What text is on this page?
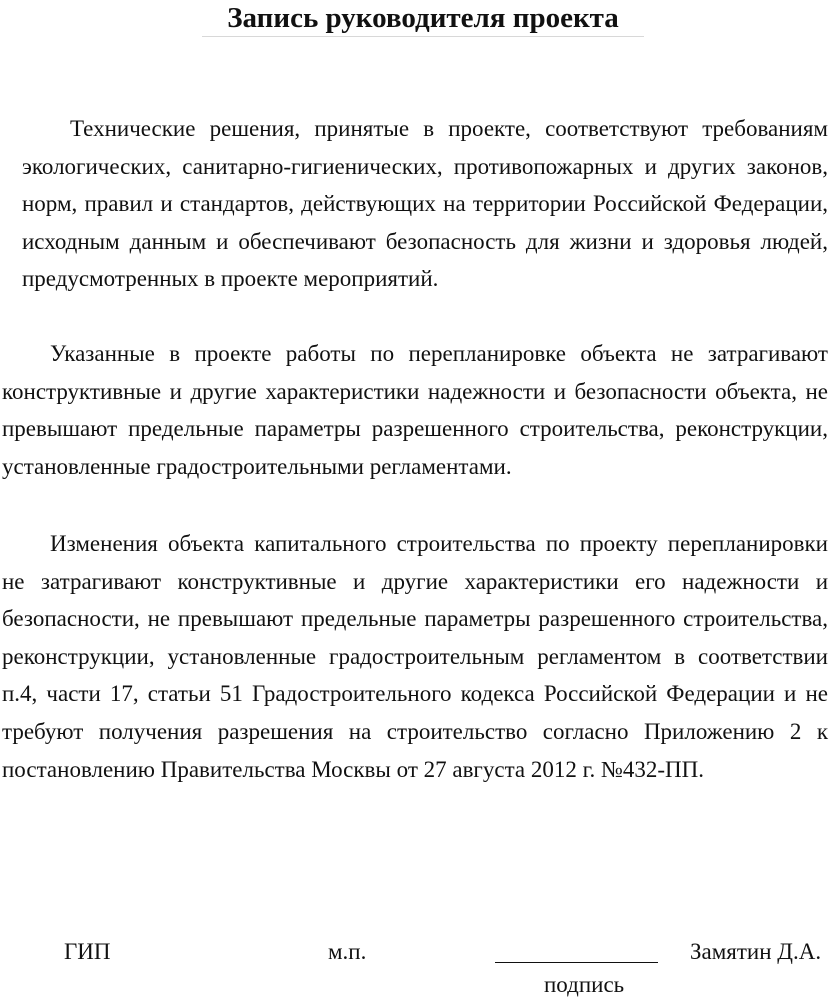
Запись руководителя проекта

Технические решения, принятые в проекте, соответствуют требованиям экологических, санитарно-гигиенических, противопожарных и других законов, норм, правил и стандартов, действующих на территории Российской Федерации, исходным данным и обеспечивают безопасность для жизни и здоровья людей, предусмотренных в проекте мероприятий.

Указанные в проекте работы по перепланировке объекта не затрагивают конструктивные и другие характеристики надежности и безопасности объекта, не превышают предельные параметры разрешенного строительства, реконструкции, установленные градостроительными регламентами.

Изменения объекта капитального строительства по проекту перепланировки не затрагивают конструктивные и другие характеристики его надежности и безопасности, не превышают предельные параметры разрешенного строительства, реконструкции, установленные градостроительным регламентом в соответствии п.4, части 17, статьи 51 Градостроительного кодекса Российской Федерации и не требуют получения разрешения на строительство согласно Приложению 2 к постановлению Правительства Москвы от 27 августа 2012 г. №432-ПП.

ГИП	м.п.	Замятин Д.А.
подпись
